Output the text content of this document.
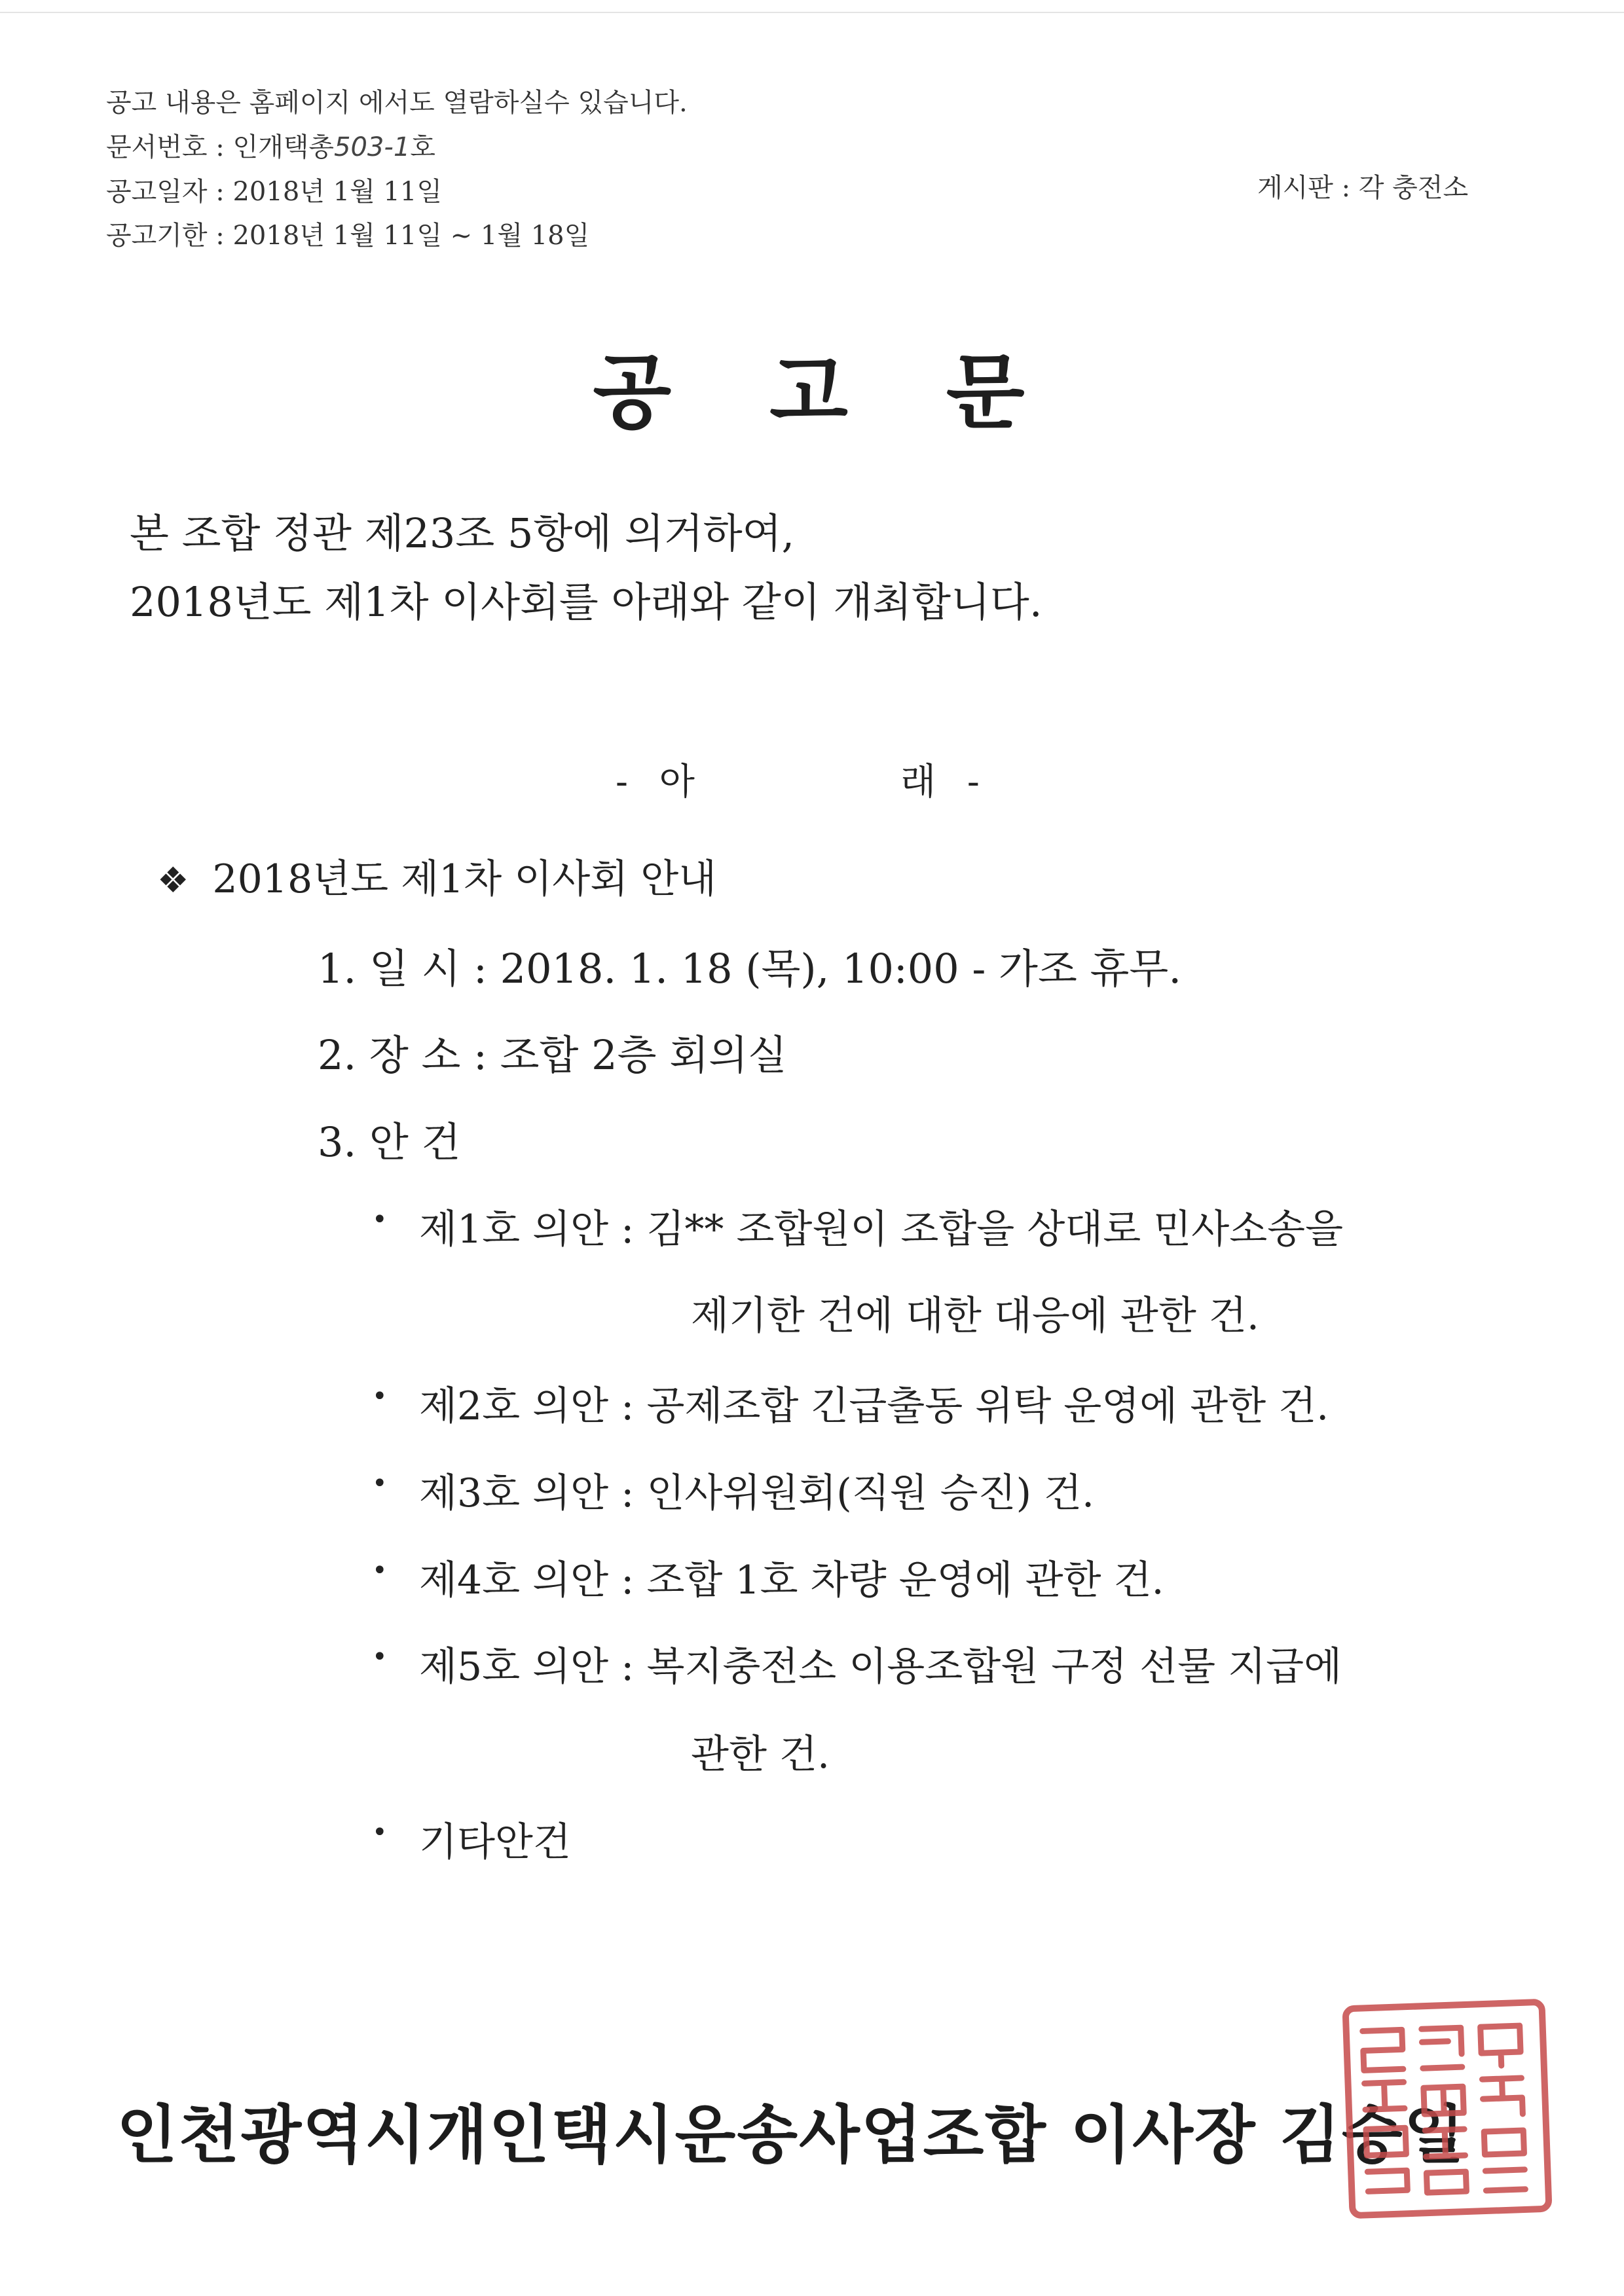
공고 내용은 홈페이지 에서도 열람하실수 있습니다.
문서번호 : 인개택총503-1호
공고일자 : 2018년 1월 11일
공고기한 : 2018년 1월 11일 ~ 1월 18일
게시판 : 각 충전소
공고문
본 조합 정관 제23조 5항에 의거하여,
2018년도 제1차 이사회를 아래와 같이 개최합니다.
- 아	래 -
❖ 2018년도 제1차 이사회 안내
1. 일 시 : 2018. 1. 18 (목), 10:00 - 가조 휴무.
2. 장 소 : 조합 2층 회의실
3. 안 건
• 제1호 의안 : 김** 조합원이 조합을 상대로 민사소송을
제기한 건에 대한 대응에 관한 건.
• 제2호 의안 : 공제조합 긴급출동 위탁 운영에 관한 건.
• 제3호 의안 : 인사위원회(직원 승진) 건.
• 제4호 의안 : 조합 1호 차량 운영에 관한 건.
• 제5호 의안 : 복지충전소 이용조합원 구정 선물 지급에
관한 건.
• 기타안건
인천광역시개인택시운송사업조합 이사장 김승일
